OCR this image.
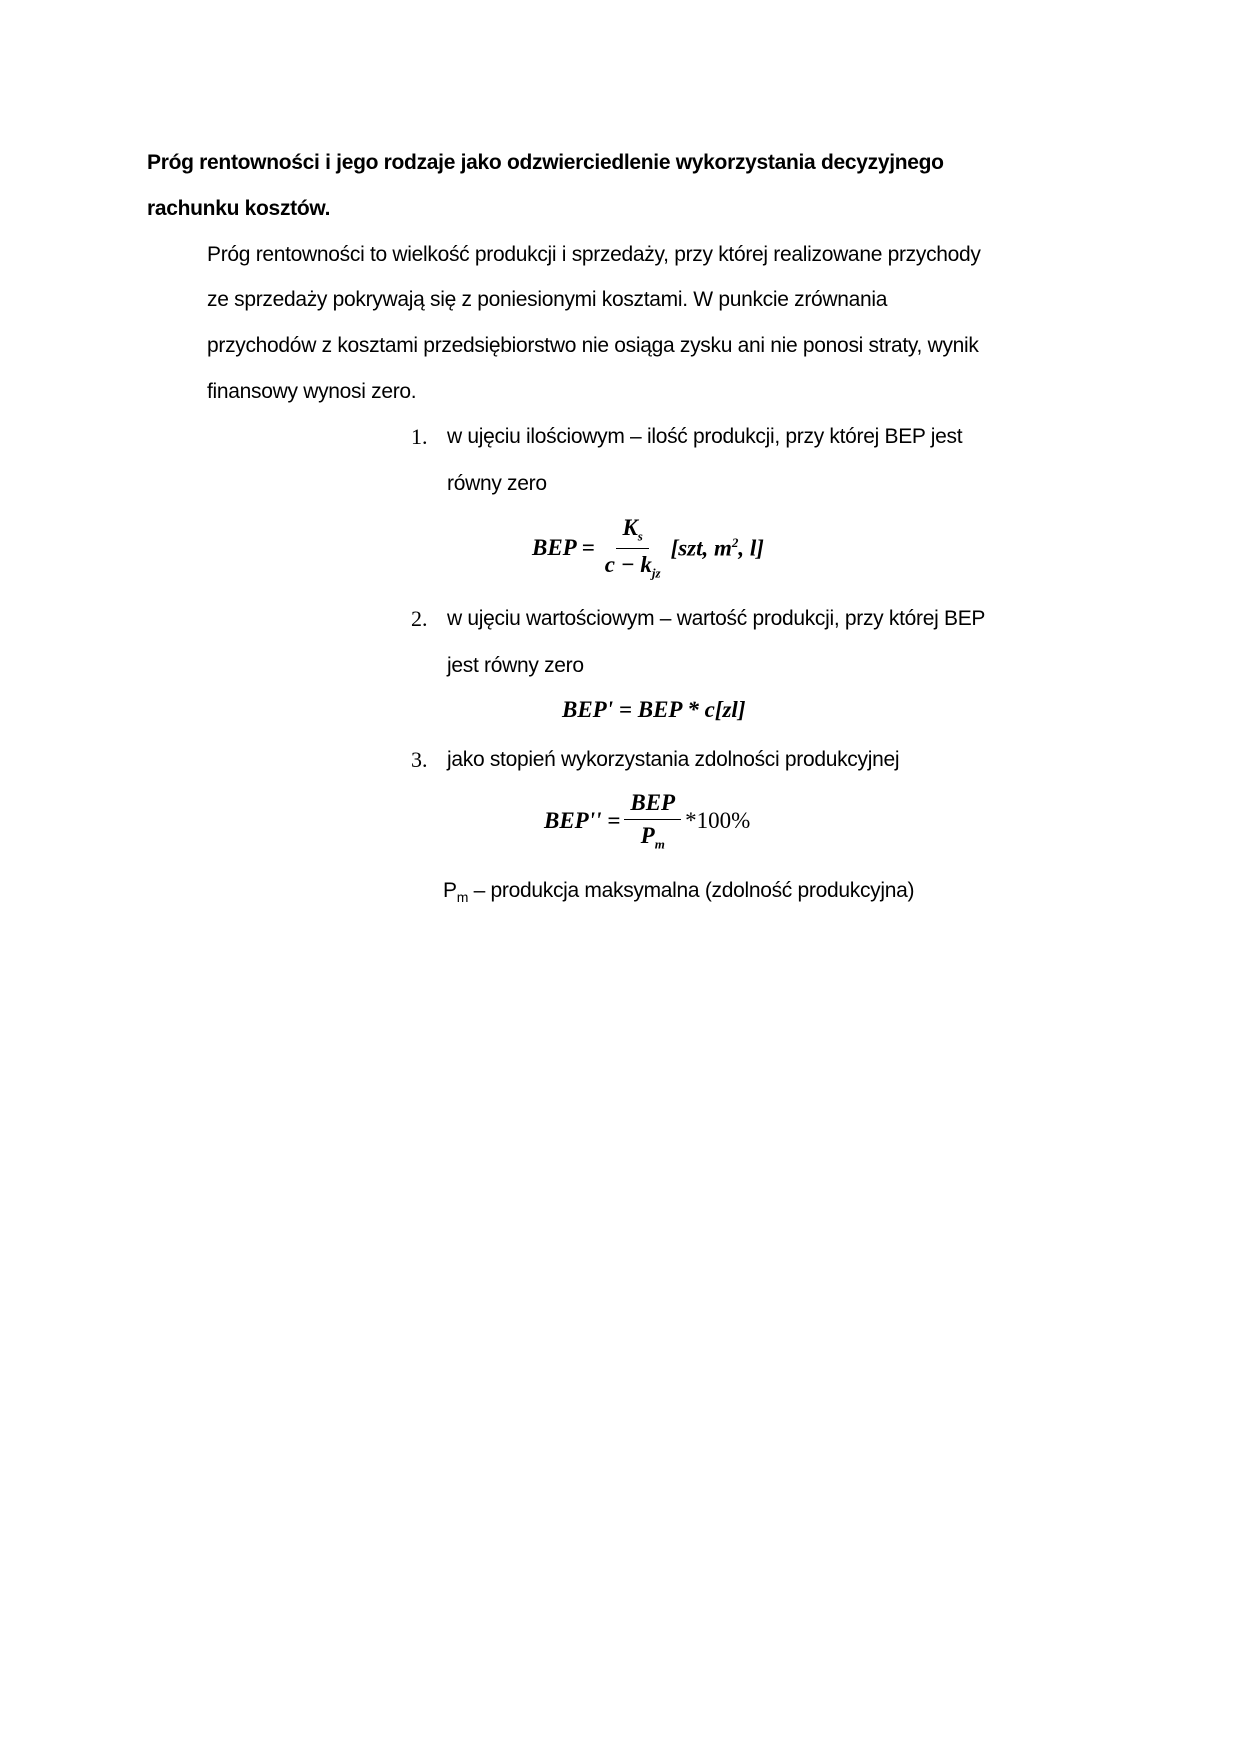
Próg rentowności i jego rodzaje jako odzwierciedlenie wykorzystania decyzyjnego
rachunku kosztów.
Próg rentowności to wielkość produkcji i sprzedaży, przy której realizowane przychody
ze sprzedaży pokrywają się z poniesionymi kosztami. W punkcie zrównania
przychodów z kosztami przedsiębiorstwo nie osiąga zysku ani nie ponosi straty, wynik
finansowy wynosi zero.
1. w ujęciu ilościowym – ilość produkcji, przy której BEP jest
równy zero
BEP = $\frac{K_s}{c - k_{jz}} [szt$, $m^2$, l]
2. w ujęciu wartościowym – wartość produkcji, przy której BEP
jest równy zero
BEP' = BEP * c[zl]
3. jako stopień wykorzystania zdolności produkcyjnej
$BEP'' = \frac{\text{BEP}}{P_m} *100\%$
$P_m$ – produkcja maksymalna (zdolność produkcyjna)
